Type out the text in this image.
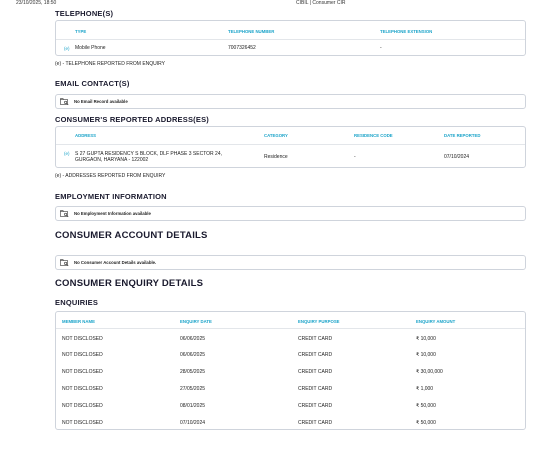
23/10/2025, 18:50	CIBIL | Consumer CIR
TELEPHONE(S)
TYPE	TELEPHONE NUMBER	TELEPHONE EXTENSION
(e) Mobile Phone	7007326452	-
(e) - TELEPHONE REPORTED FROM ENQUIRY
EMAIL CONTACT(S)
No Email Record available
CONSUMER'S REPORTED ADDRESS(ES)
ADDRESS	CATEGORY	RESIDENCE CODE	DATE REPORTED
(e) S 27 GUPTA RESIDENCY S BLOCK, DLF PHASE 3 SECTOR 24,
GURGAON, HARYANA - 122002	Residence	-	07/10/2024
(e) - ADDRESSES REPORTED FROM ENQUIRY
EMPLOYMENT INFORMATION
No Employment Information available
CONSUMER ACCOUNT DETAILS
No Consumer Account Details available.
CONSUMER ENQUIRY DETAILS
ENQUIRIES
MEMBER NAME	ENQUIRY DATE	ENQUIRY PURPOSE	ENQUIRY AMOUNT
NOT DISCLOSED	06/06/2025	CREDIT CARD	₹ 10,000
NOT DISCLOSED	06/06/2025	CREDIT CARD	₹ 10,000
NOT DISCLOSED	28/05/2025	CREDIT CARD	₹ 30,00,000
NOT DISCLOSED	27/05/2025	CREDIT CARD	₹ 1,000
NOT DISCLOSED	08/01/2025	CREDIT CARD	₹ 50,000
NOT DISCLOSED	07/10/2024	CREDIT CARD	₹ 50,000
